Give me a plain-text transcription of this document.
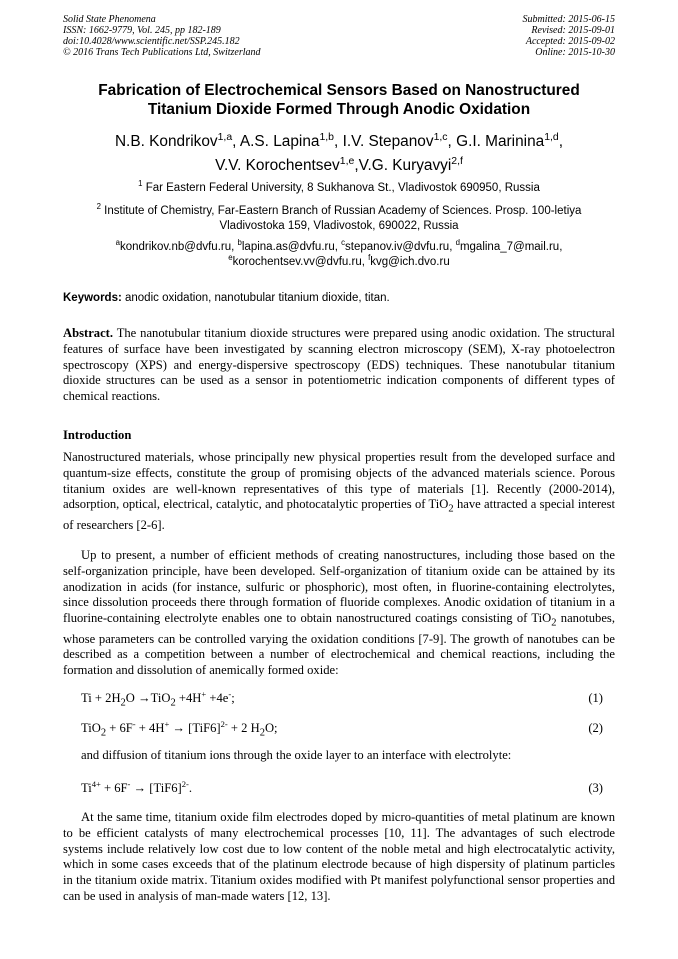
Solid State Phenomena
ISSN: 1662-9779, Vol. 245, pp 182-189
doi:10.4028/www.scientific.net/SSP.245.182
© 2016 Trans Tech Publications Ltd, Switzerland
Submitted: 2015-06-15
Revised: 2015-09-01
Accepted: 2015-09-02
Online: 2015-10-30
Fabrication of Electrochemical Sensors Based on Nanostructured
Titanium Dioxide Formed Through Anodic Oxidation
N.B. Kondrikov$^{1,a}$, A.S. Lapina$^{1,b}$, I.V. Stepanov$^{1,c}$, G.I. Marinina$^{1,d}$,
V.V. Korochentsev$^{1,e}$,V.G. Kuryavyi$^{2,f}$
$^1$ Far Eastern Federal University, 8 Sukhanova St., Vladivostok 690950, Russia
$^2$ Institute of Chemistry, Far-Eastern Branch of Russian Academy of Sciences. Prosp. 100-letiya
Vladivostoka 159, Vladivostok, 690022, Russia
$^a$kondrikov.nb@dvfu.ru, $^b$lapina.as@dvfu.ru, $^c$stepanov.iv@dvfu.ru, $^d$mgalina_7@mail.ru,
$^e$korochentsev.vv@dvfu.ru, $^f$kvg@ich.dvo.ru
Keywords: anodic oxidation, nanotubular titanium dioxide, titan.
Abstract. The nanotubular titanium dioxide structures were prepared using anodic oxidation. The structural features of surface have been investigated by scanning electron microscopy (SEM), X-ray photoelectron spectroscopy (XPS) and energy-dispersive spectroscopy (EDS) techniques. These nanotubular titanium dioxide structures can be used as a sensor in potentiometric indication components of different types of chemical reactions.
Introduction
Nanostructured materials, whose principally new physical properties result from the developed surface and quantum-size effects, constitute the group of promising objects of the advanced materials science. Porous titanium oxides are well-known representatives of this type of materials [1]. Recently (2000-2014), adsorption, optical, electrical, catalytic, and photocatalytic properties of TiO$_2$ have attracted a special interest of researchers [2-6].
Up to present, a number of efficient methods of creating nanostructures, including those based on the self-organization principle, have been developed. Self-organization of titanium oxide can be attained by its anodization in acids (for instance, sulfuric or phosphoric), most often, in fluorine-containing electrolytes, since dissolution proceeds there through formation of fluoride complexes. Anodic oxidation of titanium in a fluorine-containing electrolyte enables one to obtain nanostructured coatings consisting of TiO$_2$ nanotubes, whose parameters can be controlled varying the oxidation conditions [7-9]. The growth of nanotubes can be described as a competition between a number of electrochemical and chemical reactions, including the formation and dissolution of anemically formed oxide:
$Ti + 2H_2O \to TiO_2 +4H^+ +4e^-$;	(1)
$TiO_2 + 6F^- + 4H^+ \to [TiF6]^{2-} + 2$ $H_2O$;	(2)
and diffusion of titanium ions through the oxide layer to an interface with electrolyte:
$Ti^{4+} + 6F^- \to [TiF6]^{2-}$.	(3)
At the same time, titanium oxide film electrodes doped by micro-quantities of metal platinum are known to be efficient catalysts of many electrochemical processes [10, 11]. The advantages of such electrode systems include relatively low cost due to low content of the noble metal and high electrocatalytic activity, which in some cases exceeds that of the platinum electrode because of high dispersity of platinum particles in the titanium oxide matrix. Titanium oxides modified with Pt manifest polyfunctional sensor properties and can be used in analysis of man-made waters [12, 13].
